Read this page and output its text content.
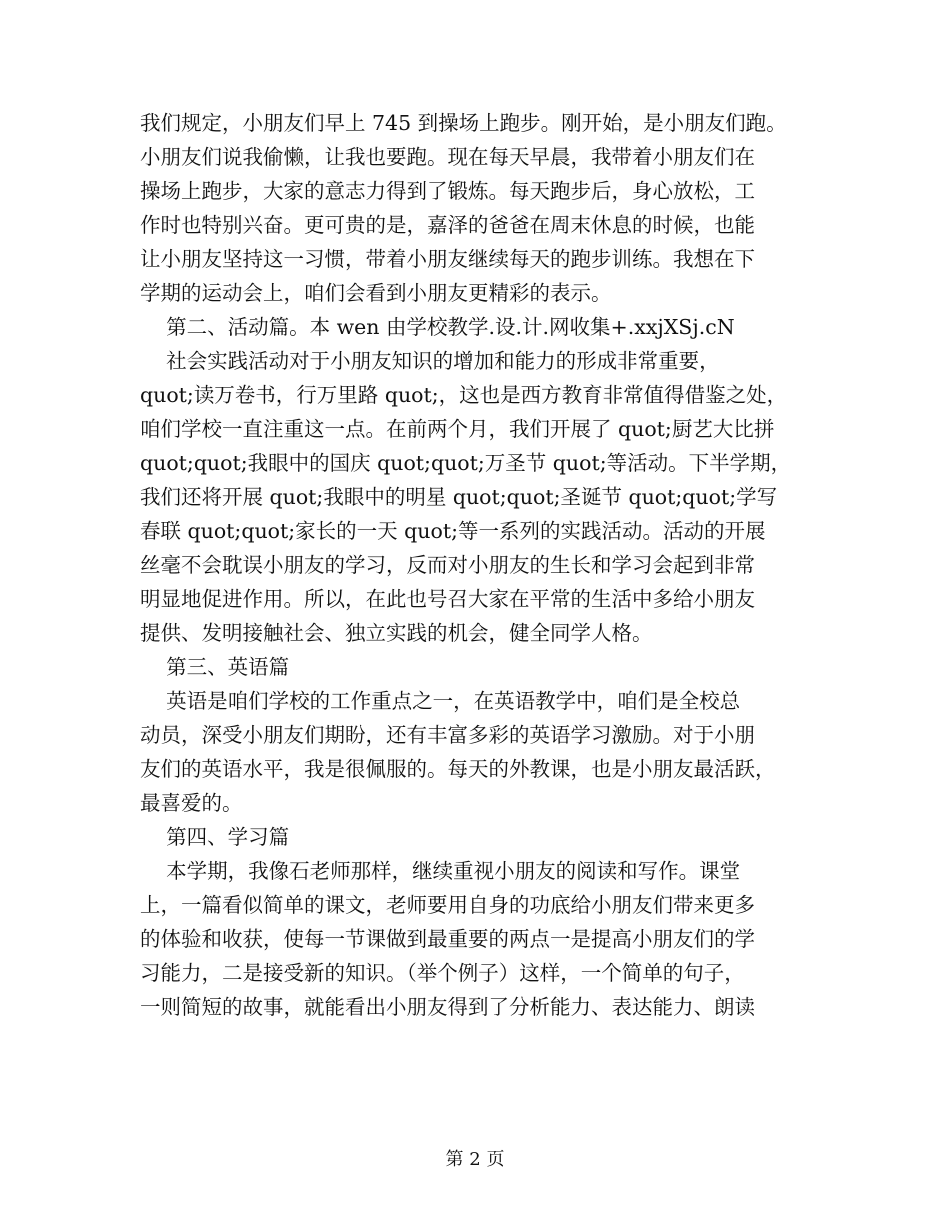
我们规定，小朋友们早上 745 到操场上跑步。刚开始，是小朋友们跑。
小朋友们说我偷懒，让我也要跑。现在每天早晨，我带着小朋友们在
操场上跑步，大家的意志力得到了锻炼。每天跑步后，身心放松，工
作时也特别兴奋。更可贵的是，嘉泽的爸爸在周末休息的时候，也能
让小朋友坚持这一习惯，带着小朋友继续每天的跑步训练。我想在下
学期的运动会上，咱们会看到小朋友更精彩的表示。
第二、活动篇。本 wen 由学校教学.设.计.网收集+.xxjXSj.cN
社会实践活动对于小朋友知识的增加和能力的形成非常重要，
quot;读万卷书，行万里路 quot;，这也是西方教育非常值得借鉴之处，
咱们学校一直注重这一点。在前两个月，我们开展了 quot;厨艺大比拼
quot;quot;我眼中的国庆 quot;quot;万圣节 quot;等活动。下半学期，
我们还将开展 quot;我眼中的明星 quot;quot;圣诞节 quot;quot;学写
春联 quot;quot;家长的一天 quot;等一系列的实践活动。活动的开展
丝毫不会耽误小朋友的学习，反而对小朋友的生长和学习会起到非常
明显地促进作用。所以，在此也号召大家在平常的生活中多给小朋友
提供、发明接触社会、独立实践的机会，健全同学人格。
第三、英语篇
英语是咱们学校的工作重点之一，在英语教学中，咱们是全校总
动员，深受小朋友们期盼，还有丰富多彩的英语学习激励。对于小朋
友们的英语水平，我是很佩服的。每天的外教课，也是小朋友最活跃，
最喜爱的。
第四、学习篇
本学期，我像石老师那样，继续重视小朋友的阅读和写作。课堂
上，一篇看似简单的课文，老师要用自身的功底给小朋友们带来更多
的体验和收获，使每一节课做到最重要的两点一是提高小朋友们的学
习能力，二是接受新的知识。（举个例子）这样，一个简单的句子，
一则简短的故事，就能看出小朋友得到了分析能力、表达能力、朗读
第 2 页
